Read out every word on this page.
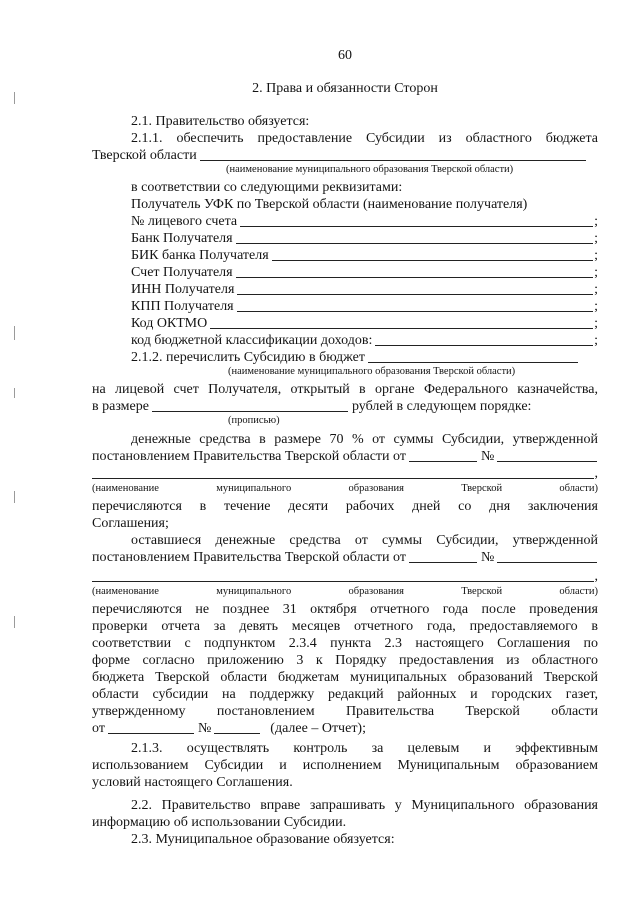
60
2. Права и обязанности Сторон
2.1. Правительство обязуется:
2.1.1. обеспечить предоставление Субсидии из областного бюджета
Тверской области
(наименование муниципального образования Тверской области)
в соответствии со следующими реквизитами:
Получатель УФК по Тверской области (наименование получателя)
№ лицевого счета	;
Банк Получателя	;
БИК банка Получателя	;
Счет Получателя	;
ИНН Получателя	;
КПП Получателя	;
Код ОКТМО	;
код бюджетной классификации доходов:	;
2.1.2. перечислить Субсидию в бюджет
(наименование муниципального образования Тверской области)
на лицевой счет Получателя, открытый в органе Федерального казначейства,
в размере	рублей в следующем порядке:
(прописью)
денежные средства в размере 70 % от суммы Субсидии, утвержденной
постановлением Правительства Тверской области от	№
,
(наименование муниципального образования Тверской области)
перечисляются в течение десяти рабочих дней со дня заключения
Соглашения;
оставшиеся денежные средства от суммы Субсидии, утвержденной
постановлением Правительства Тверской области от	№
,
(наименование муниципального образования Тверской области)
перечисляются не позднее 31 октября отчетного года после проведения
проверки отчета за девять месяцев отчетного года, предоставляемого в
соответствии с подпунктом 2.3.4 пункта 2.3 настоящего Соглашения по
форме согласно приложению 3 к Порядку предоставления из областного
бюджета Тверской области бюджетам муниципальных образований Тверской
области субсидии на поддержку редакций районных и городских газет,
утвержденному постановлением Правительства Тверской области
от	№	(далее – Отчет);
2.1.3. осуществлять контроль за целевым и эффективным
использованием Субсидии и исполнением Муниципальным образованием
условий настоящего Соглашения.
2.2. Правительство вправе запрашивать у Муниципального образования
информацию об использовании Субсидии.
2.3. Муниципальное образование обязуется:
